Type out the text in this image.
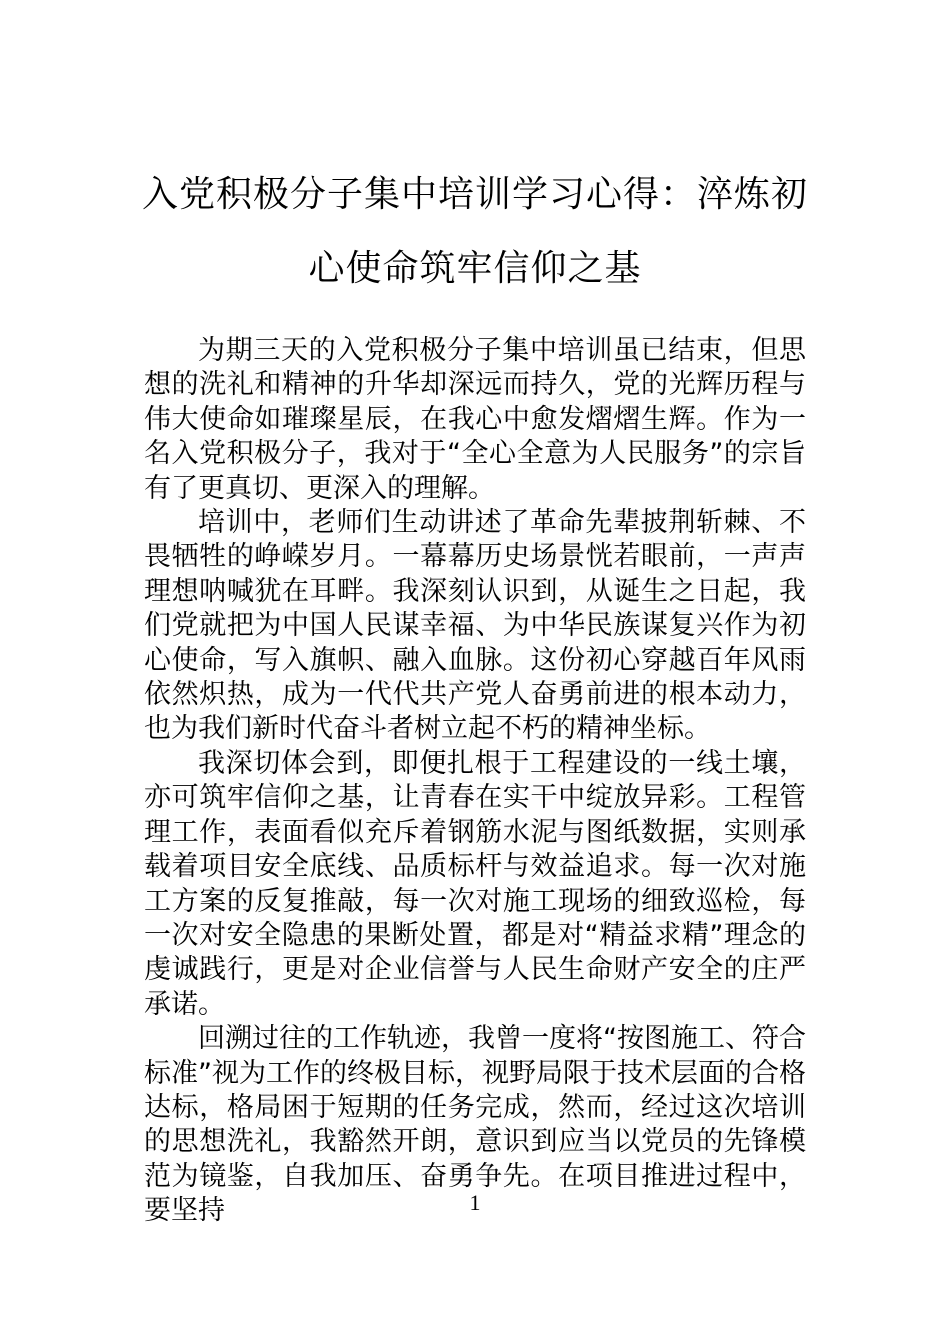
入党积极分子集中培训学习心得：淬炼初心使命筑牢信仰之基

为期三天的入党积极分子集中培训虽已结束，但思想的洗礼和精神的升华却深远而持久，党的光辉历程与伟大使命如璀璨星辰，在我心中愈发熠熠生辉。作为一名入党积极分子，我对于“全心全意为人民服务”的宗旨有了更真切、更深入的理解。

培训中，老师们生动讲述了革命先辈披荆斩棘、不畏牺牲的峥嵘岁月。一幕幕历史场景恍若眼前，一声声理想呐喊犹在耳畔。我深刻认识到，从诞生之日起，我们党就把为中国人民谋幸福、为中华民族谋复兴作为初心使命，写入旗帜、融入血脉。这份初心穿越百年风雨依然炽热，成为一代代共产党人奋勇前进的根本动力，也为我们新时代奋斗者树立起不朽的精神坐标。

我深切体会到，即便扎根于工程建设的一线土壤，亦可筑牢信仰之基，让青春在实干中绽放异彩。工程管理工作，表面看似充斥着钢筋水泥与图纸数据，实则承载着项目安全底线、品质标杆与效益追求。每一次对施工方案的反复推敲，每一次对施工现场的细致巡检，每一次对安全隐患的果断处置，都是对“精益求精”理念的虔诚践行，更是对企业信誉与人民生命财产安全的庄严承诺。

回溯过往的工作轨迹，我曾一度将“按图施工、符合标准”视为工作的终极目标，视野局限于技术层面的合格达标，格局困于短期的任务完成，然而，经过这次培训的思想洗礼，我豁然开朗，意识到应当以党员的先锋模范为镜鉴，自我加压、奋勇争先。在项目推进过程中，要坚持	1
